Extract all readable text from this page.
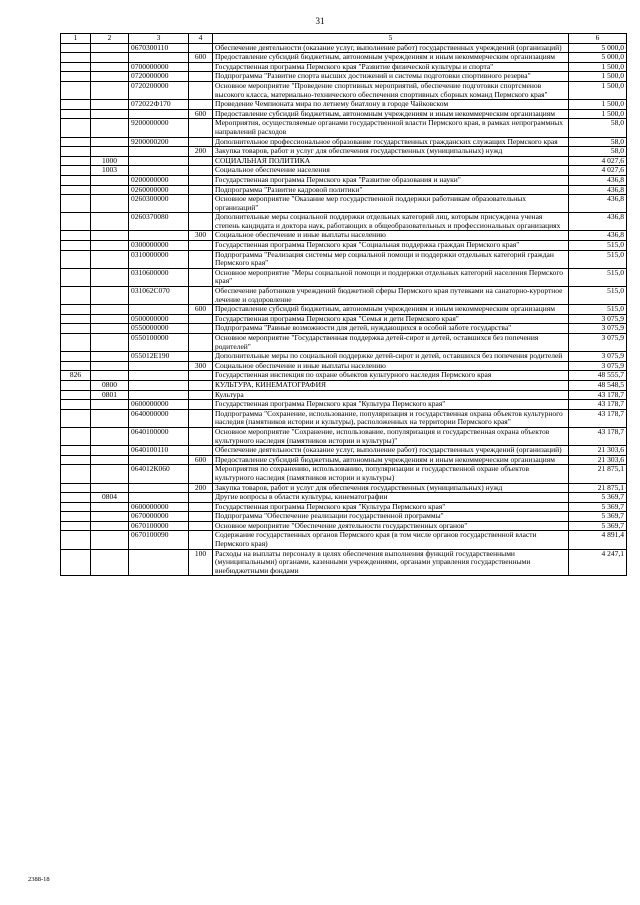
31
1	2	3	4	5	6
		0670300110		Обеспечение деятельности (оказание услуг, выполнение работ) государственных учреждений (организаций)	5 000,0
			600	Предоставление субсидий бюджетным, автономным учреждениям и иным некоммерческим организациям	5 000,0
		0700000000		Государственная программа Пермского края "Развитие физической культуры и спорта"	1 500,0
		0720000000		Подпрограмма "Развитие спорта высших достижений и системы подготовки спортивного резерва"	1 500,0
		0720200000		Основное мероприятие "Проведение спортивных мероприятий, обеспечение подготовки спортсменов высокого класса, материально-технического обеспечения спортивных сборных команд Пермского края"	1 500,0
		072022Ф170		Проведение Чемпионата мира по летнему биатлону в городе Чайковском	1 500,0
			600	Предоставление субсидий бюджетным, автономным учреждениям и иным некоммерческим организациям	1 500,0
		9200000000		Мероприятия, осуществляемые органами государственной власти Пермского края, в рамках непрограммных направлений расходов	58,0
		9200000200		Дополнительное профессиональное образование государственных гражданских служащих Пермского края	58,0
			200	Закупка товаров, работ и услуг для обеспечения государственных (муниципальных) нужд	58,0
	1000			СОЦИАЛЬНАЯ ПОЛИТИКА	4 027,6
	1003			Социальное обеспечение населения	4 027,6
		0200000000		Государственная программа Пермского края "Развитие образования и науки"	436,8
		0260000000		Подпрограмма "Развитие кадровой политики"	436,8
		0260300000		Основное мероприятие "Оказание мер государственной поддержки работникам образовательных организаций"	436,8
		0260370080		Дополнительные меры социальной поддержки отдельных категорий лиц, которым присуждена ученая степень кандидата и доктора наук, работающих в общеобразовательных и профессиональных организациях	436,8
			300	Социальное обеспечение и иные выплаты населению	436,8
		0300000000		Государственная программа Пермского края "Социальная поддержка граждан Пермского края"	515,0
		0310000000		Подпрограмма "Реализация системы мер социальной помощи и поддержки отдельных категорий граждан Пермского края"	515,0
		0310600000		Основное мероприятие "Меры социальной помощи и поддержки отдельных категорий населения Пермского края"	515,0
		031062С070		Обеспечение работников учреждений бюджетной сферы Пермского края путевками на санаторно-курортное лечение и оздоровление	515,0
			600	Предоставление субсидий бюджетным, автономным учреждениям и иным некоммерческим организациям	515,0
		0500000000		Государственная программа Пермского края "Семья и дети Пермского края"	3 075,9
		0550000000		Подпрограмма "Равные возможности для детей, нуждающихся в особой заботе государства"	3 075,9
		0550100000		Основное мероприятие "Государственная поддержка детей-сирот и детей, оставшихся без попечения родителей"	3 075,9
		055012Е190		Дополнительные меры по социальной поддержке детей-сирот и детей, оставшихся без попечения родителей	3 075,9
			300	Социальное обеспечение и иные выплаты населению	3 075,9
826				Государственная инспекция по охране объектов культурного наследия Пермского края	48 555,7
	0800			КУЛЬТУРА, КИНЕМАТОГРАФИЯ	48 548,5
	0801			Культура	43 178,7
		0600000000		Государственная программа Пермского края "Культура Пермского края"	43 178,7
		0640000000		Подпрограмма "Сохранение, использование, популяризация и государственная охрана объектов культурного наследия (памятников истории и культуры), расположенных на территории Пермского края"	43 178,7
		0640100000		Основное мероприятие "Сохранение, использование, популяризация и государственная охрана объектов культурного наследия (памятников истории и культуры)"	43 178,7
		0640100110		Обеспечение деятельности (оказание услуг, выполнение работ) государственных учреждений (организаций)	21 303,6
			600	Предоставление субсидий бюджетным, автономным учреждениям и иным некоммерческим организациям	21 303,6
		064012К060		Мероприятия по сохранению, использованию, популяризации и государственной охране объектов культурного наследия (памятников истории и культуры)	21 875,1
			200	Закупка товаров, работ и услуг для обеспечения государственных (муниципальных) нужд	21 875,1
	0804			Другие вопросы в области культуры, кинематографии	5 369,7
		0600000000		Государственная программа Пермского края "Культура Пермского края"	5 369,7
		0670000000		Подпрограмма "Обеспечение реализации государственной программы"	5 369,7
		0670100000		Основное мероприятие "Обеспечение деятельности государственных органов"	5 369,7
		0670100090		Содержание государственных органов Пермского края (в том числе органов государственной власти Пермского края)	4 891,4
			100	Расходы на выплаты персоналу в целях обеспечения выполнения функций государственными (муниципальными) органами, казенными учреждениями, органами управления государственными внебюджетными фондами	4 247,1
2388-18
